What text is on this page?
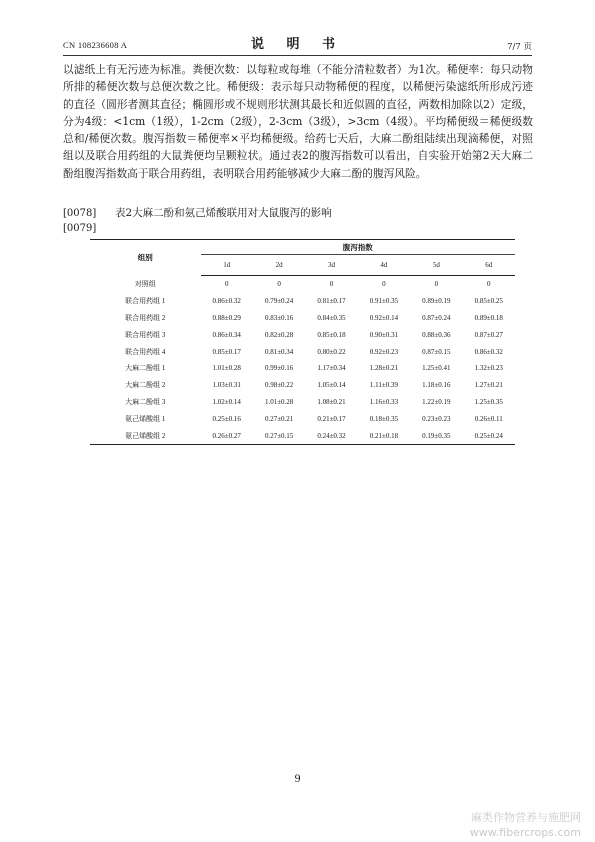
CN 108236608 A	说 明 书	7/7 页

以滤纸上有无污迹为标准。粪便次数：以每粒或每堆（不能分清粒数者）为1次。稀便率：每只动物所排的稀便次数与总便次数之比。稀便级：表示每只动物稀便的程度，以稀便污染滤纸所形成污迹的直径（圆形者测其直径；椭圆形或不规则形状测其最长和近似圆的直径，两数相加除以2）定级，分为4级：<1cm（1级），1-2cm（2级），2-3cm（3级），>3cm（4级）。平均稀便级＝稀便级数总和/稀便次数。腹泻指数＝稀便率×平均稀便级。给药七天后，大麻二酚组陆续出现滴稀便，对照组以及联合用药组的大鼠粪便均呈颗粒状。通过表2的腹泻指数可以看出，自实验开始第2天大麻二酚组腹泻指数高于联合用药组，表明联合用药能够减少大麻二酚的腹泻风险。

[0078] 表2大麻二酚和氨己烯酸联用对大鼠腹泻的影响
[0079]
组别	腹泻指数					
	1d	2d	3d	4d	5d	6d
对照组	0	0	0	0	0	0
联合用药组 1	0.86±0.32	0.79±0.24	0.81±0.17	0.91±0.35	0.89±0.19	0.85±0.25
联合用药组 2	0.88±0.29	0.83±0.16	0.84±0.35	0.92±0.14	0.87±0.24	0.89±0.18
联合用药组 3	0.86±0.34	0.82±0.28	0.85±0.18	0.90±0.31	0.88±0.36	0.87±0.27
联合用药组 4	0.85±0.17	0.81±0.34	0.80±0.22	0.92±0.23	0.87±0.15	0.86±0.32
大麻二酚组 1	1.01±0.28	0.99±0.16	1.17±0.34	1.28±0.21	1.25±0.41	1.32±0.23
大麻二酚组 2	1.03±0.31	0.98±0.22	1.05±0.14	1.11±0.39	1.18±0.16	1.27±0.21
大麻二酚组 3	1.02±0.14	1.01±0.28	1.08±0.21	1.16±0.33	1.22±0.19	1.25±0.35
氨己烯酸组 1	0.25±0.16	0.27±0.21	0.21±0.17	0.18±0.35	0.23±0.23	0.26±0.11
氨己烯酸组 2	0.26±0.27	0.27±0.15	0.24±0.32	0.21±0.18	0.19±0.35	0.25±0.24
9
麻类作物营养与施肥网
www.fibercrops.com
